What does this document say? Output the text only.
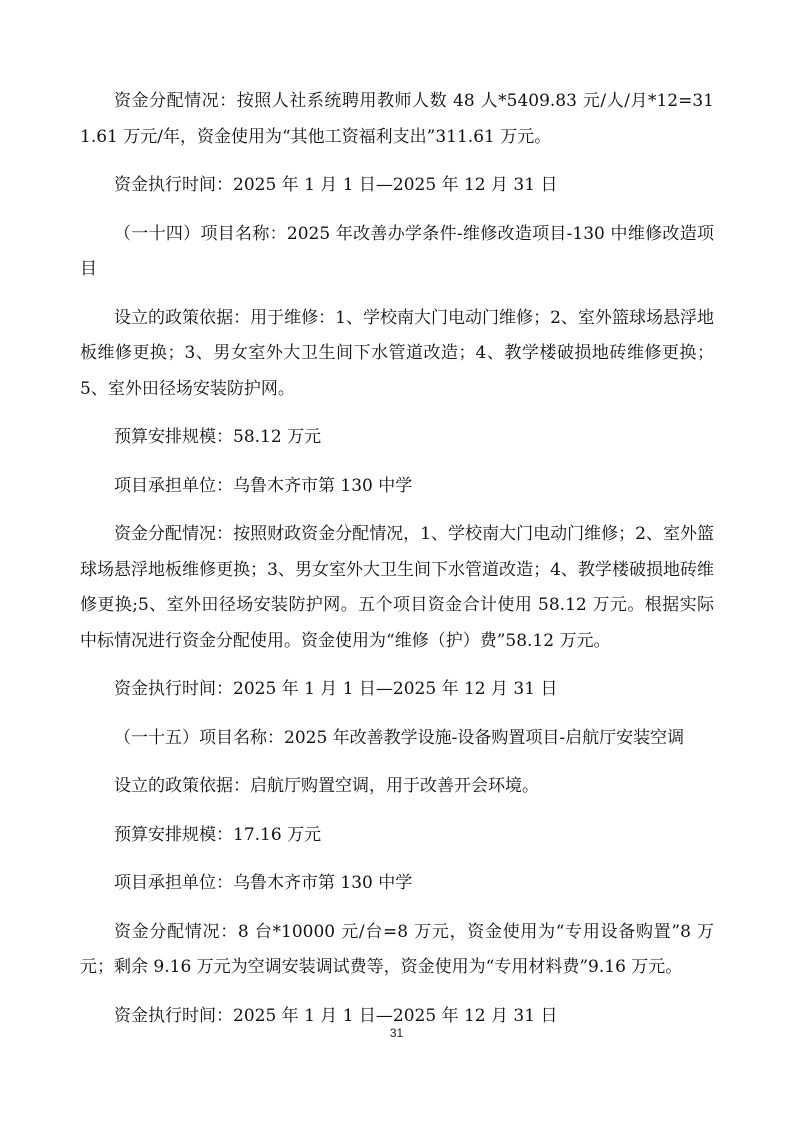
资金分配情况：按照人社系统聘用教师人数 48 人*5409.83 元/人/月*12=311.61 万元/年，资金使用为“其他工资福利支出”311.61 万元。

资金执行时间：2025 年 1 月 1 日—2025 年 12 月 31 日

（一十四）项目名称：2025 年改善办学条件-维修改造项目-130 中维修改造项目

设立的政策依据：用于维修：1、学校南大门电动门维修；2、室外篮球场悬浮地板维修更换；3、男女室外大卫生间下水管道改造；4、教学楼破损地砖维修更换；5、室外田径场安装防护网。

预算安排规模：58.12 万元

项目承担单位：乌鲁木齐市第 130 中学

资金分配情况：按照财政资金分配情况，1、学校南大门电动门维修；2、室外篮球场悬浮地板维修更换；3、男女室外大卫生间下水管道改造；4、教学楼破损地砖维修更换;5、室外田径场安装防护网。五个项目资金合计使用 58.12 万元。根据实际中标情况进行资金分配使用。资金使用为“维修（护）费”58.12 万元。

资金执行时间：2025 年 1 月 1 日—2025 年 12 月 31 日

（一十五）项目名称：2025 年改善教学设施-设备购置项目-启航厅安装空调

设立的政策依据：启航厅购置空调，用于改善开会环境。

预算安排规模：17.16 万元

项目承担单位：乌鲁木齐市第 130 中学

资金分配情况：8 台*10000 元/台=8 万元，资金使用为“专用设备购置”8 万元；剩余 9.16 万元为空调安装调试费等，资金使用为“专用材料费”9.16 万元。

资金执行时间：2025 年 1 月 1 日—2025 年 12 月 31 日

31
